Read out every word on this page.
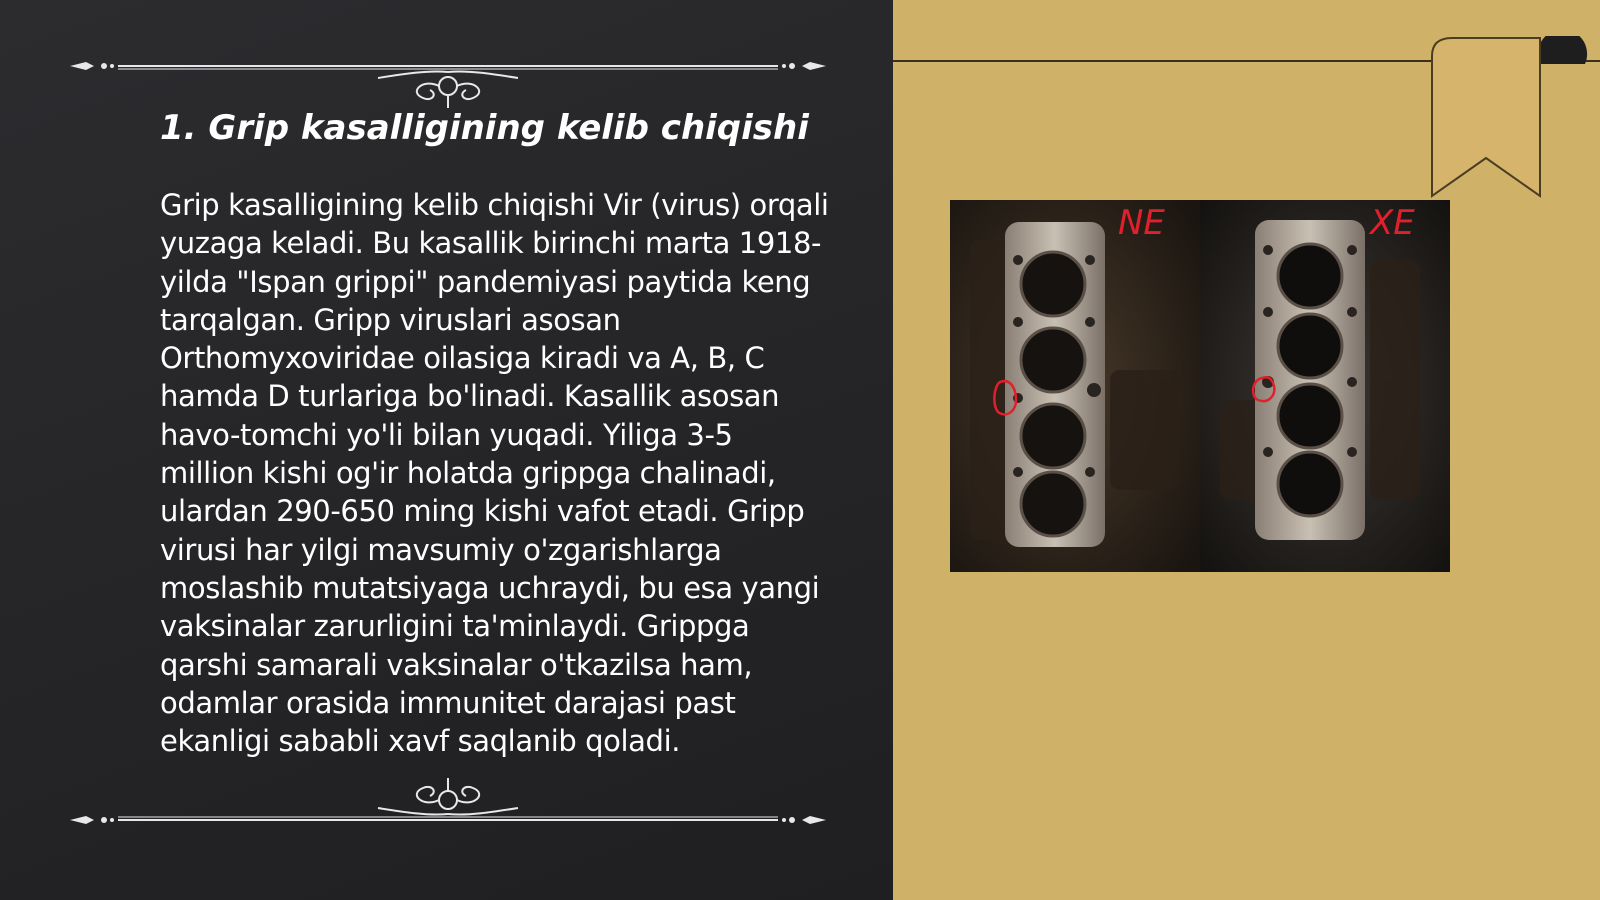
1. Grip kasalligining kelib chiqishi

Grip kasalligining kelib chiqishi Vir (virus) orqali yuzaga keladi. Bu kasallik birinchi marta 1918-yilda "Ispan grippi" pandemiyasi paytida keng tarqalgan. Gripp viruslari asosan Orthomyxoviridae oilasiga kiradi va A, B, C hamda D turlariga bo'linadi. Kasallik asosan havo-tomchi yo'li bilan yuqadi. Yiliga 3-5 million kishi og'ir holatda grippga chalinadi, ulardan 290-650 ming kishi vafot etadi. Gripp virusi har yilgi mavsumiy o'zgarishlarga moslashib mutatsiyaga uchraydi, bu esa yangi vaksinalar zarurligini ta'minlaydi. Grippga qarshi samarali vaksinalar o'tkazilsa ham, odamlar orasida immunitet darajasi past ekanligi sababli xavf saqlanib qoladi.

NE	XE
